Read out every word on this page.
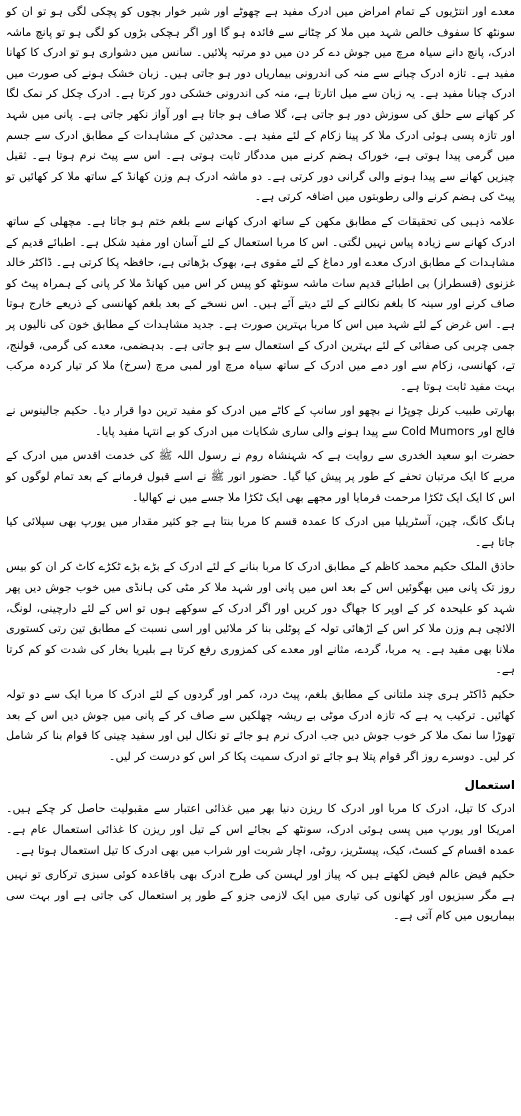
معدے اور انتڑیوں کے تمام امراض میں ادرک مفید ہے چھوٹے اور شیر خوار بچوں کو پچکی لگی ہو تو ان کو سونٹھ کا سفوف خالص شہد میں ملا کر چٹانے سے فائدہ ہو گا اور اگر ہچکی بڑوں کو لگی ہو تو پانچ ماشہ ادرک، پانچ دانے سیاہ مرچ میں جوش دے کر دن میں دو مرتبہ پلائیں۔ سانس میں دشواری ہو تو ادرک کا کھانا مفید ہے۔ تازہ ادرک چبانے سے منہ کی اندرونی بیماریاں دور ہو جاتی ہیں۔ زبان خشک ہونے کی صورت میں ادرک چبانا مفید ہے۔ یہ زبان سے میل اتارتا ہے، منہ کی اندرونی خشکی دور کرتا ہے۔ ادرک چکل کر نمک لگا کر کھانے سے حلق کی سوزش دور ہو جاتی ہے، گلا صاف ہو جاتا ہے اور آواز نکھر جاتی ہے۔ پانی میں شہد اور تازہ پسی ہوئی ادرک ملا کر پینا زکام کے لئے مفید ہے۔ محدثین کے مشاہدات کے مطابق ادرک سے جسم میں گرمی پیدا ہوتی ہے، خوراک ہضم کرنے میں مددگار ثابت ہوتی ہے۔ اس سے پیٹ نرم ہوتا ہے۔ ثقیل چیزیں کھانے سے پیدا ہونے والی گرانی دور کرتی ہے۔ دو ماشہ ادرک ہم وزن کھانڈ کے ساتھ ملا کر کھائیں تو پیٹ کی ہضم کرنے والی رطوبتوں میں اضافہ کرتی ہے۔

علامہ ذہبی کی تحقیقات کے مطابق مکھن کے ساتھ ادرک کھانے سے بلغم ختم ہو جاتا ہے۔ مچھلی کے ساتھ ادرک کھانے سے زیادہ پیاس نہیں لگتی۔ اس کا مربا استعمال کے لئے آسان اور مفید شکل ہے۔ اطبائے قدیم کے مشاہدات کے مطابق ادرک معدے اور دماغ کے لئے مقوی ہے، بھوک بڑھاتی ہے، حافظہ پکا کرتی ہے۔ ڈاکٹر خالد غزنوی (قسطراز) بی اطبائے قدیم سات ماشہ سونٹھ کو پیس کر اس میں کھانڈ ملا کر پانی کے ہمراہ پیٹ کو صاف کرنے اور سینہ کا بلغم نکالنے کے لئے دیتے آئے ہیں۔ اس نسخے کے بعد بلغم کھانسی کے ذریعے خارج ہوتا ہے۔ اس غرض کے لئے شہد میں اس کا مربا بہترین صورت ہے۔ جدید مشاہدات کے مطابق خون کی نالیوں پر جمی چربی کی صفائی کے لئے بہترین ادرک کے استعمال سے ہو جاتی ہے۔ بدہضمی، معدے کی گرمی، قولنج، تے، کھانسی، زکام سے اور دمے میں ادرک کے ساتھ سیاہ مرچ اور لمبی مرچ (سرخ) ملا کر تیار کردہ مرکب بہت مفید ثابت ہوتا ہے۔

بھارتی طبیب کرنل چوپڑا نے بچھو اور سانپ کے کاٹے میں ادرک کو مفید ترین دوا قرار دیا۔ حکیم جالینوس نے فالج اور Cold Mumors سے پیدا ہونے والی ساری شکایات میں ادرک کو بے انتہا مفید پایا۔

حضرت ابو سعید الخدری سے روایت ہے کہ شہنشاہ روم نے رسول اللہ ﷺ کی خدمت اقدس میں ادرک کے مربے کا ایک مرتبان تحفے کے طور پر پیش کیا گیا۔ حضور انور ﷺ نے اسے قبول فرمانے کے بعد تمام لوگوں کو اس کا ایک ایک ٹکڑا مرحمت فرمایا اور مجھے بھی ایک ٹکڑا ملا جسے میں نے کھالیا۔

ہانگ کانگ، چین، آسٹریلیا میں ادرک کا عمدہ قسم کا مربا بنتا ہے جو کثیر مقدار میں یورپ بھی سپلائی کیا جاتا ہے۔

حاذق الملک حکیم محمد کاظم کے مطابق ادرک کا مربا بنانے کے لئے ادرک کے بڑے بڑے ٹکڑے کاٹ کر ان کو بیس روز تک پانی میں بھگوئیں اس کے بعد اس میں پانی اور شہد ملا کر مٹی کی ہانڈی میں خوب جوش دیں پھر شہد کو علیحدہ کر کے اوپر کا جھاگ دور کریں اور اگر ادرک کے سوکھے ہوں تو اس کے لئے دارچینی، لونگ، الائچی ہم وزن ملا کر اس کے اڑھائی تولہ کے پوٹلی بنا کر ملائیں اور اسی نسبت کے مطابق تین رتی کستوری ملانا بھی مفید ہے۔ یہ مربا، گردے، مثانے اور معدے کی کمزوری رفع کرتا ہے بلیریا بخار کی شدت کو کم کرتا ہے۔

حکیم ڈاکٹر ہری چند ملتانی کے مطابق بلغم، پیٹ درد، کمر اور گردوں کے لئے ادرک کا مربا ایک سے دو تولہ کھائیں۔ ترکیب یہ ہے کہ تازہ ادرک موٹی بے ریشہ چھلکیں سے صاف کر کے پانی میں جوش دیں اس کے بعد تھوڑا سا نمک ملا کر خوب جوش دیں جب ادرک نرم ہو جائے تو نکال لیں اور سفید چینی کا قوام بنا کر شامل کر لیں۔ دوسرے روز اگر قوام پتلا ہو جائے تو ادرک سمیت پکا کر اس کو درست کر لیں۔

استعمال

ادرک کا تیل، ادرک کا مربا اور ادرک کا ریزن دنیا بھر میں غذائی اعتبار سے مقبولیت حاصل کر چکے ہیں۔ امریکا اور یورپ میں پسی ہوئی ادرک، سونٹھ کے بجائے اس کے تیل اور ریزن کا غذائی استعمال عام ہے۔ عمدہ اقسام کے کسٹ، کیک، پیسٹریز، روٹی، اچار شربت اور شراب میں بھی ادرک کا تیل استعمال ہوتا ہے۔

حکیم فیض عالم فیض لکھتے ہیں کہ پیاز اور لہسن کی طرح ادرک بھی باقاعدہ کوئی سبزی ترکاری تو نہیں ہے مگر سبزیوں اور کھانوں کی تیاری میں ایک لازمی جزو کے طور پر استعمال کی جاتی ہے اور بہت سی بیماریوں میں کام آتی ہے۔
